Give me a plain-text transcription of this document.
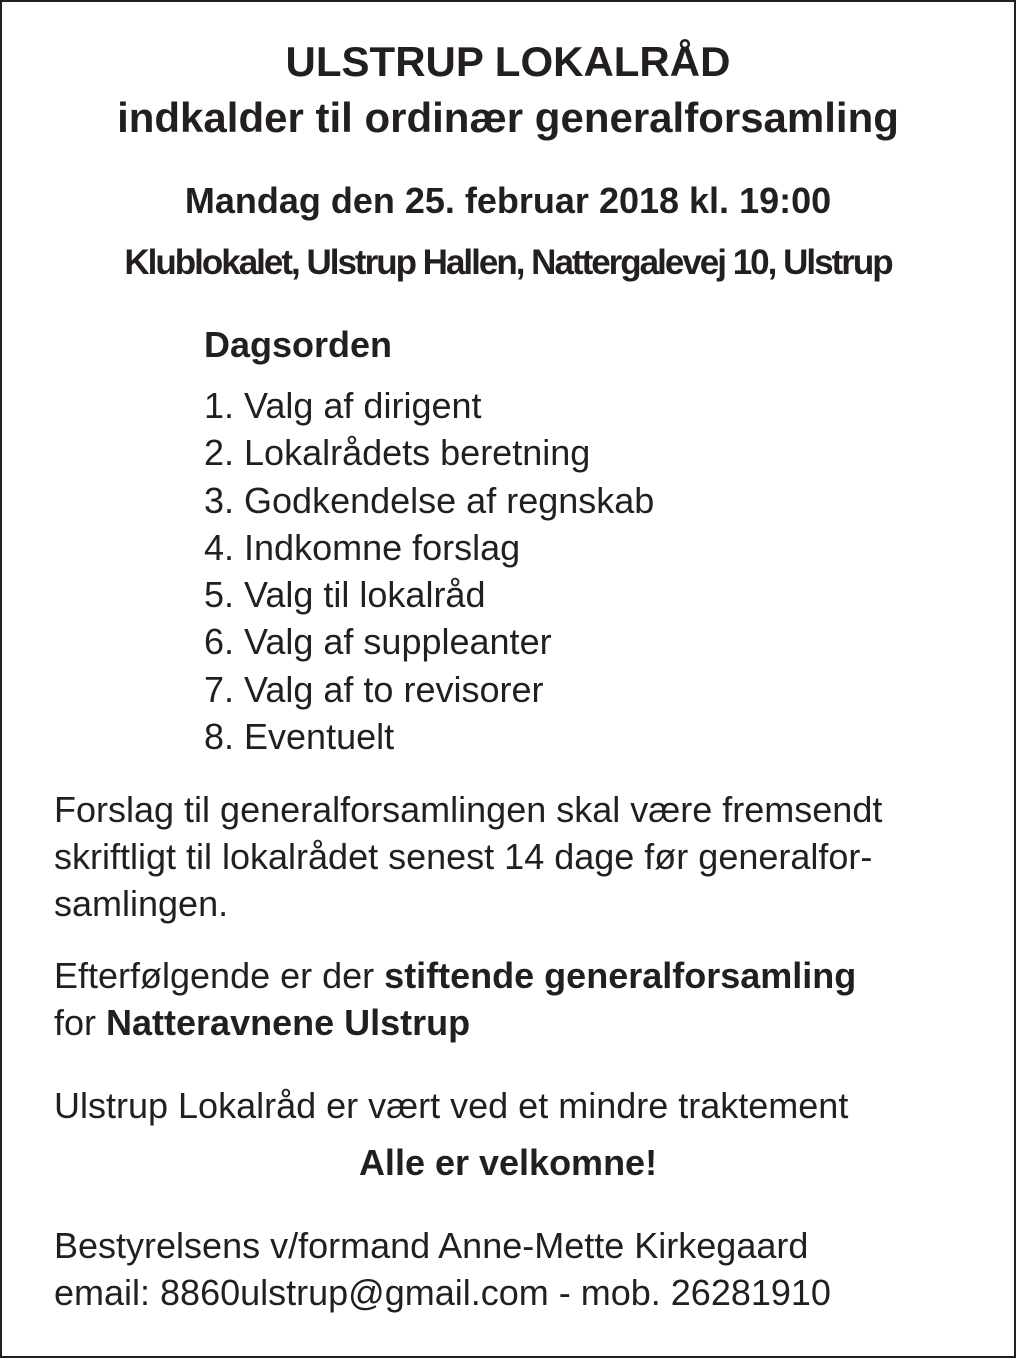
ULSTRUP LOKALRÅD
indkalder til ordinær generalforsamling
Mandag den 25. februar 2018 kl. 19:00
Klublokalet, Ulstrup Hallen, Nattergalevej 10, Ulstrup
Dagsorden
1. Valg af dirigent
2. Lokalrådets beretning
3. Godkendelse af regnskab
4. Indkomne forslag
5. Valg til lokalråd
6. Valg af suppleanter
7. Valg af to revisorer
8. Eventuelt

Forslag til generalforsamlingen skal være fremsendt
skriftligt til lokalrådet senest 14 dage før generalfor-
samlingen.

Efterfølgende er der stiftende generalforsamling
for Natteravnene Ulstrup

Ulstrup Lokalråd er vært ved et mindre traktement

Alle er velkomne!

Bestyrelsens v/formand Anne-Mette Kirkegaard
email: 8860ulstrup@gmail.com - mob. 26281910
